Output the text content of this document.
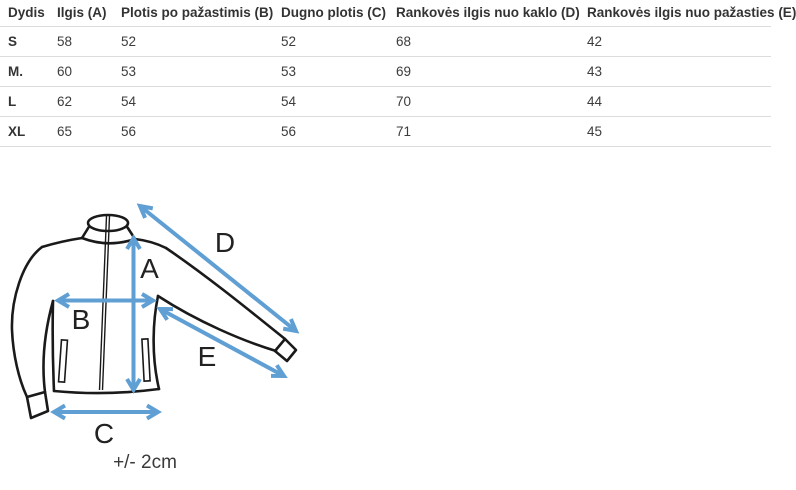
Dydis	Ilgis (A)	Plotis po pažastimis (B)	Dugno plotis (C)	Rankovės ilgis nuo kaklo (D)	Rankovės ilgis nuo pažasties (E)
S	58	52	52	68	42
M.	60	53	53	69	43
L	62	54	54	70	44
XL	65	56	56	71	45
A
B
C
D
E
+/- 2cm
